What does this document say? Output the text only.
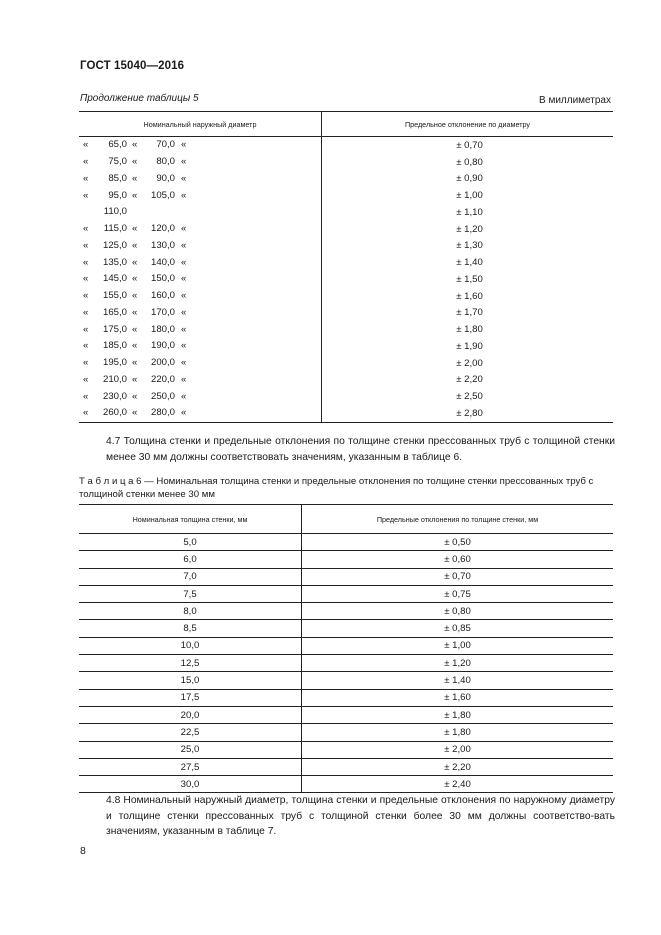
ГОСТ 15040—2016
Продолжение таблицы 5	В миллиметрах
Номинальный наружный диаметр	Предельное отклонение по диаметру

« 65,0 « 70,0 «	± 0,70

« 75,0 « 80,0 «	± 0,80

« 85,0 « 90,0 «	± 0,90

« 95,0 « 105,0 «	± 1,00

110,0	± 1,10

« 115,0 « 120,0 «	± 1,20

« 125,0 « 130,0 «	± 1,30

« 135,0 « 140,0 «	± 1,40

« 145,0 « 150,0 «	± 1,50

« 155,0 « 160,0 «	± 1,60

« 165,0 « 170,0 «	± 1,70

« 175,0 « 180,0 «	± 1,80

« 185,0 « 190,0 «	± 1,90

« 195,0 « 200,0 «	± 2,00

« 210,0 « 220,0 «	± 2,20

« 230,0 « 250,0 «	± 2,50

« 260,0 « 280,0 «	± 2,80
4.7 Толщина стенки и предельные отклонения по толщине стенки прессованных труб с толщиной стенки менее 30 мм должны соответствовать значениям, указанным в таблице 6.
Т а б л и ц а 6 — Номинальная толщина стенки и предельные отклонения по толщине стенки прессованных труб с толщиной стенки менее 30 мм
Номинальная толщина стенки, мм	Предельные отклонения по толщине стенки, мм
5,0	± 0,50
6,0	± 0,60
7,0	± 0,70
7,5	± 0,75
8,0	± 0,80
8,5	± 0,85
10,0	± 1,00
12,5	± 1,20
15,0	± 1,40
17,5	± 1,60
20,0	± 1,80
22,5	± 1,80
25,0	± 2,00
27,5	± 2,20
30,0	± 2,40
4.8 Номинальный наружный диаметр, толщина стенки и предельные отклонения по наружному диаметру и толщине стенки прессованных труб с толщиной стенки более 30 мм должны соответство-вать значениям, указанным в таблице 7.
8
